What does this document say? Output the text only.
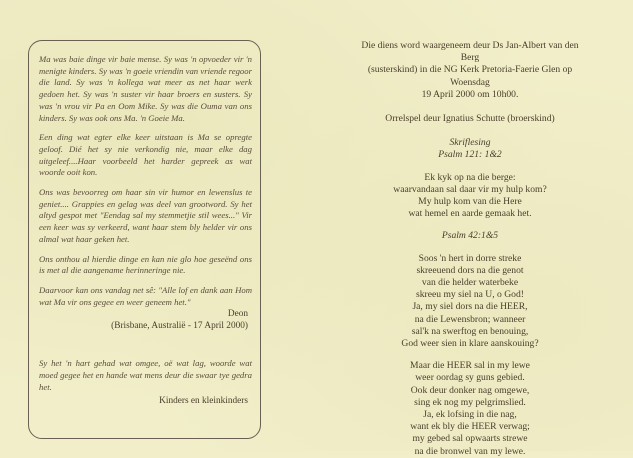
Ma was baie dinge vir baie mense. Sy was 'n opvoeder vir 'n menigte kinders. Sy was 'n goeie vriendin van vriende regoor die land. Sy was 'n kollega wat meer as net haar werk gedoen het. Sy was 'n suster vir haar broers en susters. Sy was 'n vrou vir Pa en Oom Mike. Sy was die Ouma van ons kinders. Sy was ook ons Ma. 'n Goeie Ma.

Een ding wat egter elke keer uitstaan is Ma se opregte geloof. Dié het sy nie verkondig nie, maar elke dag uitgeleef....Haar voorbeeld het harder gepreek as wat woorde ooit kon.

Ons was bevoorreg om haar sin vir humor en lewenslus te geniet.... Grappies en gelag was deel van grootword. Sy het altyd gespot met "Eendag sal my stemmetjie stil wees..." Vir een keer was sy verkeerd, want haar stem bly helder vir ons almal wat haar geken het.

Ons onthou al hierdie dinge en kan nie glo hoe geseënd ons is met al die aangename herinneringe nie.

Daarvoor kan ons vandag net sê: "Alle lof en dank aan Hom wat Ma vir ons gegee en weer geneem het."

Deon
(Brisbane, Australië - 17 April 2000)

Sy het 'n hart gehad wat omgee, oë wat lag, woorde wat moed gegee het en hande wat mens deur die swaar tye gedra het.

Kinders en kleinkinders
Die diens word waargeneem deur Ds Jan-Albert van den Berg
(susterskind) in die NG Kerk Pretoria-Faerie Glen op Woensdag
19 April 2000 om 10h00.
Orrelspel deur Ignatius Schutte (broerskind)
Skriflesing
Psalm 121: 1&2
Ek kyk op na die berge:
waarvandaan sal daar vir my hulp kom?
My hulp kom van die Here
wat hemel en aarde gemaak het.
Psalm 42:1&5
Soos 'n hert in dorre streke
skreeuend dors na die genot
van die helder waterbeke
skreeu my siel na U, o God!
Ja, my siel dors na die HEER,
na die Lewensbron; wanneer
sal'k na swerftog en benouing,
God weer sien in klare aanskouing?
Maar die HEER sal in my lewe
weer oordag sy guns gebied.
Ook deur donker nag omgewe,
sing ek nog my pelgrimslied.
Ja, ek lofsing in die nag,
want ek bly die HEER verwag;
my gebed sal opwaarts strewe
na die bronwel van my lewe.
